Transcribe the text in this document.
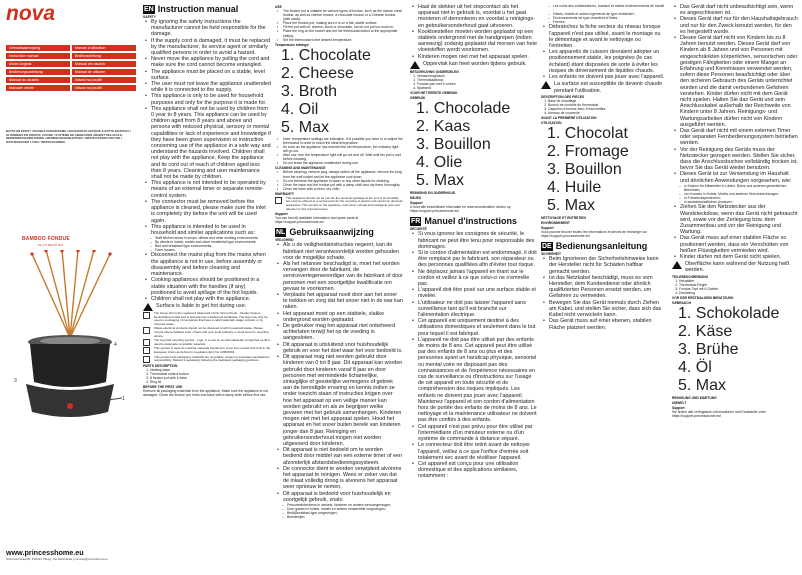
nova
Gebruiksaanwijzing	Manuel d'utilisation
Instruction manual	Bedienanleitung
Model Anglais	Manual del usuario
Bedienungsanleitung	Manual de utilizare
Manual do usuário	Návod na použití
Manuale utente	Návod na použití
BATTE EN ÉPOXY / DOUBLE DIAPHRAGME / BOUCHON PLASTIQUE & BATTE EN ÉPOXY / GLISSIÈRES EN CRISTAL CUIVRE / SYSTÈME DE LIBERATION ARGENT PELLICULE. BEDIENINGSHANDLEIDING / BEDIENUNGSANLEITUNG / INSTRUCTIONS FOR USE / ISTRUZIONI PER L'USO / INSTRUCCIONES
BAMBOO FONDUE
02.177.800.87.001
1
3
4
www.princesshome.eu
Schurmannstraat 80, 5145 EC Tilburg, The Netherlands | princess@princesshome.eu
EN Instruction manual
SAFETY
• By ignoring the safety instructions the manufacturer cannot be held responsible for the damage.
• If the supply cord is damaged, it must be replaced by the manufacturer, its service agent or similarly qualified persons in order to avoid a hazard.
• Never move the appliance by pulling the cord and make sure the cord cannot become entangled.
• The appliance must be placed on a stable, level surface.
• The user must not leave the appliance unattended while it is connected to the supply.
• This appliance is only to be used for household purposes and only for the purpose it is made for.
• This appliance shall not be used by children from 0 year to 8 years. This appliance can be used by children aged from 8 years and above and persons with reduced physical, sensory or mental capabilities or lack of experience and knowledge if they have been given supervision or instruction concerning use of the appliance in a safe way and understand the hazards involved. Children shall not play with the appliance. Keep the appliance and its cord out of reach of children aged less than 8 years. Cleaning and user maintenance shall not be made by children.
• This appliance is not intended to be operated by means of an external timer or separate remote-control system.
• The connector must be removed before the appliance is cleaned, please make sure the inlet is completely dry before the unit will be used again.
• This appliance is intended to be used in household and similar applications such as:
– Staff kitchen areas in shops, offices and other working environments;
– By clients in hotels, motels and other residential type environments;
– Bed and breakfast type environments;
– Farm houses.
• Disconnect the mains plug from the mains when the appliance is not in use, before assembly or disassembly and before cleaning and maintenance.
• Cooking appliances should be positioned in a stable situation with the handles (if any) positioned to avoid spillage of the hot liquids.
• Children shall not play with the appliance.
Surface is liable to get hot during use.
The Green Dot is the registered trademark of Der Grüne Punkt – Duales System Deutschland GmbH and is protected as a trademark worldwide. The logo may only be used on packaging of companies that have a valid trademark usage contract or by recycled waste.
Waste electrical products should not be disposed of with household waste. Please recycle where facilities exist. Check with your local Authority or local store for recycling advice.
The recycled recycling symbol – logo, is to use on an internationally recognized symbol used to designate recyclable materials.
This symbol is used for marking materials intended to come into contact with food in the European Union as defined in regulation (EC) No 1935/2004.
This product and packaging materials are recyclable, subject to extended manufacturer responsibility. Discard it separately following the dedicated packaging guidance.
PARTS DESCRIPTION
1. Heating base
2. Thermostat control button
3. 8 fondue pot with 6 forks
4. Ring lid
BEFORE THE FIRST USE

Remove all packaging materials from the appliance. Make sure the appliance is not damaged. Clean the fondue pot, forks and base with a damp cloth before first use.

USE
• The fondue pot is suitable for various types of fondue, such as the classic meat fondue, as well as cheese fondue, a chocolate fondue or a Chinese fondue (with stock).
• Place the fondue pot, making sure it is on a flat, stable surface.
• Fill the pot with oil, cheese, stock or chocolate, but do not put too much in.
• Place the ring on the socket and set the thermostat button to the appropriate setting.
• Set the thermostat to the desired temperature.
Temperature settings:
1. Chocolate
2. Cheese
3. Broth
4. Oil
5. Max
• Note: temperature settings are indicative. It is possible you have to re-adjust the thermostat in order to reach the ideal temperature.
• As soon as the appliance has reached the set temperature, the indicator light will go out.
• After use, turn the temperature light will go out and off. Wait until the pot is cool before cleaning.
• Do not leave the appliance unattended during use.
CLEANING AND MAINTENANCE
• Before cleaning, remove plug, always switch off the appliance, remove the plug from the wall socket and let the appliance cool down.
• Do not immerse the appliance in water or any other liquids for cleaning.
• Clean the base and the fondue pot with a damp cloth and dry them thoroughly.
• Clean the forks with a clean, dry cloth.
WARRANTY
This appliance should not be put into the domestic garbage at the end of its durability, but must be offered at a central point for the recycling of electric and electronic domestic appliances. This symbol on the appliance, instruction manual and packaging puts your attention to this important issue.
Support

You can find all available information and spare parts at https://support.princesshome.eu!

NL Gebruiksaanwijzing
VEILIGHEID
• Als u de veiligheidsinstructies negeert, kan de fabrikant niet verantwoordelijk worden gehouden voor de mogelijke schade.
• Als het netsnoer beschadigd is, moet het worden vervangen door de fabrikant, de servicevertegenwoordiger van de fabrikant of door personen met een soortgelijke kwalificatie om gevaar te voorkomen.
• Verplaats het apparaat nooit door aan het snoer te trekken en zorg dat het snoer niet in de war kan raken.
• Het apparaat moet op een stabiele, vlakke ondergrond worden geplaatst.
• De gebruiker mag het apparaat niet onbeheerd achterlaten terwijl het op de voeding is aangesloten.
• Dit apparaat is uitsluitend voor huishoudelijk gebruik en voor het doel waar het voor bedoeld is.
• Dit apparaat mag niet worden gebruikt door kinderen van 0 tot 8 jaar. Dit apparaat kan worden gebruikt door kinderen vanaf 8 jaar en door personen met verminderde lichamelijke, zintuiglijke of geestelijke vermogens of gebrek aan de benodigde ervaring en kennis indien ze onder toezicht staan of instructies krijgen over hoe het apparaat op een veilige manier kan worden gebruikt en als ze begrijpen welke gevaren met het gebruik samenhangen. Kinderen mogen niet met het apparaat spelen. Houd het apparaat en het snoer buiten bereik van kinderen jonger dan 8 jaar. Reiniging en gebruikersonderhoud mogen niet worden uitgevoerd door kinderen.
• Dit apparaat is niet bedoeld om te worden bediend door middel van een externe timer of een afzonderlijk afstandsbedieningssysteem.
• De connector dient te worden verwijderd alvorens het apparaat te reinigen. Wees er zeker van dat de inlaat volledig droog is alvorens het apparaat weer opnieuw te nemen.
• Dit apparaat is bedoeld voor huishoudelijk en soortgelijk gebruik, zoals:
– Personeelskeukens in winkels, kantoren en andere werkomgevingen;
– Door gasten in hotels, motels en andere residentiële omgevingen;
– Bed&Breakfast-type omgevingen;
– Boerderijen.
• Haal de stekker uit het stopcontact als het apparaat niet in gebruik is, voordat u het gaat monteren of demonteren en voordat u reinigings- en gebruikersonderhoud gaat uitvoeren.
• Kooktoestellen moeten worden geplaatst op een stabiele ondergrond met de handgrepen (indien aanwezig) zodanig geplaatst dat morsen van hete vloeistoffen wordt voorkomen.
• Kinderen mogen niet met het apparaat spelen.
Oppervlak kan heet worden tijdens gebruik.
BESCHRIJVING ONDERDELEN
1. Verwarmingsbasis
2. Thermostaatknop
3. Fondue pan met 6 vorken
4. Spatrand
VOOR HET EERSTE GEBRUIK
GEBRUIK
1. Chocolade
2. Kaas
3. Bouillon
4. Olie
5. Max
REINIGING EN ONDERHOUD
MILIEU
Support

U kunt alle beschikbare informatie en reserveonderdelen vinden op https://support.princesshome.eu!

FR Manuel d'instructions
SÉCURITÉ
• Si vous ignorez les consignes de sécurité, le fabricant ne peut être tenu pour responsable des dommages.
• Si le cordon d'alimentation est endommagé, il doit être remplacé par le fabricant, son réparateur ou des personnes qualifiées afin d'éviter tout risque.
• Ne déplacez jamais l'appareil en tirant sur le cordon et veillez à ce que celui-ci ne s'emmêle pas.
• L'appareil doit être posé sur une surface stable et nivelée.
• L'utilisateur ne doit pas laisser l'appareil sans surveillance tant qu'il est branché sur l'alimentation électrique.
• Cet appareil est uniquement destiné à des utilisations domestiques et seulement dans le but pour lequel il est fabriqué.
• L'appareil ne doit pas être utilisé par des enfants de moins de 8 ans. Cet appareil peut être utilisé par des enfants de 8 ans ou plus et des personnes ayant un handicap physique, sensoriel ou mental voire ne disposant pas des connaissances et de l'expérience nécessaires en cas de surveillance ou d'instructions sur l'usage de cet appareil en toute sécurité et de compréhension des risques impliqués. Les enfants ne doivent pas jouer avec l'appareil. Maintenez l'appareil et son cordon d'alimentation hors de portée des enfants de moins de 8 ans. Le nettoyage et la maintenance utilisateur ne doivent pas être confiés à des enfants.
• Cet appareil n'est pas prévu pour être utilisé par l'intermédiaire d'un minuteur externe ou d'un système de commande à distance séparé.
• Le connecteur doit être retiré avant de nettoyer l'appareil, veillez à ce que l'orifice d'entrée soit totalement sec avant de réutiliser l'appareil.
• Cet appareil est conçu pour une utilisation domestique et des applications similaires, notamment :
– Les coins des collaborateurs, bureaux et autres environnements de travail ;
– Hôtels, motels et autres logements de type résidentiel ;
– Environnements de type chambres d'hôtes ;
– Fermes.
• Débranchez la fiche secteur du réseau lorsque l'appareil n'est pas utilisé, avant le montage ou le démontage et avant le nettoyage ou l'entretien.
• Les appareils de cuisson devraient adopter un positionnement stable, les poignées (le cas échéant) étant disposées de sorte à éviter les risques de déversement de liquides chauds.
• Les enfants ne doivent pas jouer avec l'appareil.
La surface est susceptible de devenir chaude pendant l'utilisation.
DESCRIPTION DES PIÈCES
1. Base de chauffage
2. Bouton de contrôle du thermostat
3. Caquelon à fondue avec 6 fourchettes
4. Anneau de couvercle
AVANT LA PREMIÈRE UTILISATION
UTILISATION
1. Chocolat
2. Fromage
3. Bouillon
4. Huile
5. Max
NETTOYAGE ET ENTRETIEN
ENVIRONNEMENT
Support

Vous pouvez trouver toutes les informations et pièces de rechange sur https://support.princesshome.eu!

DE Bedienungsanleitung
SICHERHEIT
• Beim Ignorieren der Sicherheitshinweise kann der Hersteller nicht für Schäden haftbar gemacht werden.
• Ist das Netzkabel beschädigt, muss es vom Hersteller, dem Kundendienst oder ähnlich qualifizierten Personen ersetzt werden, um Gefahren zu vermeiden.
• Bewegen Sie das Gerät niemals durch Ziehen am Kabel, und stellen Sie sicher, dass sich das Kabel nicht verwickeln kann.
• Das Gerät muss auf einer ebenen, stabilen Fläche platziert werden.
• Das Gerät darf nicht unbeaufsichtigt sein, wenn es angeschlossen ist.
• Dieses Gerät darf nur für den Haushaltsgebrauch und nur für den Zweck benutzt werden, für den es hergestellt wurde.
• Dieses Gerät darf nicht von Kindern bis zu 8 Jahren benutzt werden. Dieses Gerät darf von Kindern ab 8 Jahren und von Personen mit eingeschränkten körperlichen, sensorischen oder geistigen Fähigkeiten oder einem Mangel an Erfahrung und Kenntnissen verwendet werden, sofern diese Personen beaufsichtigt oder über den sicheren Gebrauch des Geräts unterrichtet wurden und die damit verbundenen Gefahren verstehen. Kinder dürfen nicht mit dem Gerät nicht spielen. Halten Sie das Gerät und sein Anschlusskabel außerhalb der Reichweite von Kindern unter 8 Jahren. Reinigungs- und Wartungsarbeiten dürfen nicht von Kindern ausgeführt werden.
• Das Gerät darf nicht mit einem externen Timer oder separaten Fernbedienungssystem betrieben werden.
• Vor der Reinigung des Geräts muss der Netzstecker gezogen werden. Stellen Sie sicher, dass die Anschlussbuchse vollständig trocken ist, bevor Sie das Gerät wieder benutzen.
• Dieses Gerät ist zur Verwendung im Haushalt und ähnlichen Anwendungen vorgesehen, wie:
– in Küchen für Mitarbeiter in Läden, Büros und anderen gewerblichen Bereichen;
– von Kunden in Hotels, Motels und anderen Wohneinrichtungen;
– in Frühstückspensionen;
– in landwirtschaftlichen Anwesen.
• Ziehen Sie den Netzstecker aus der Wandsteckdose, wenn das Gerät nicht gebraucht wird, sowie vor der Zerlegung bzw. dem Zusammenbau und vor der Reinigung und Wartung.
• Das Gerät muss auf einer stabilen Fläche so positioniert werden, dass ein Verschütten von heißen Flüssigkeiten vermieden wird.
• Kinder dürfen mit dem Gerät nicht spielen.
Oberfläche kann während der Nutzung heiß werden.
TEILEBESCHREIBUNG
1. Heizplatte
2. Thermostat-Regler
3. Fondue-Topf mit 6 Gabeln
4. Deckelring
VOR DER ERSTMALIGEN BENUTZUNG
GEBRAUCH
1. Schokolade
2. Käse
3. Brühe
4. Öl
5. Max
REINIGUNG UND WARTUNG
UMWELT
Support

Sie finden alle verfügbaren Informationen und Ersatzteile unter https://support.princesshome.eu!
